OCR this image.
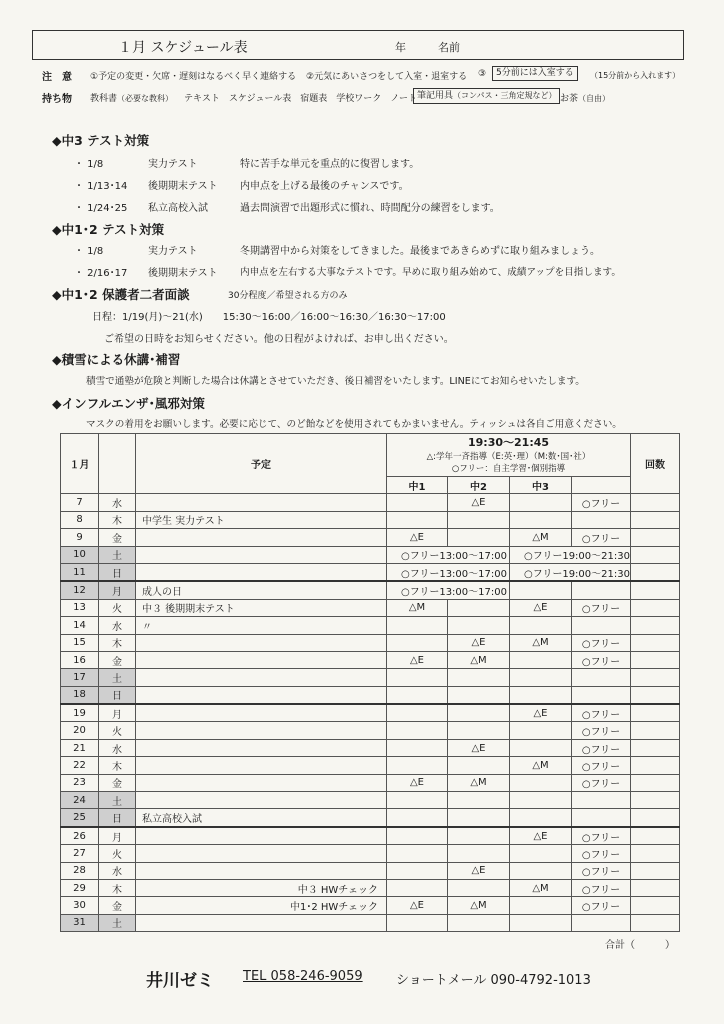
１月 スケジュール表	年	名前
注　意 ①予定の変更・欠席・遅刻はなるべく早く連絡する ②元気にあいさつをして入室・退室する ③	5分前には入室する	（15分前から入れます）
持ち物 教科書（必要な教科） テキスト　スケジュール表　宿題表　学校ワーク　ノート 筆記用具（コンパス・三角定規など） お茶（自由）
◆中3 テスト対策
・ 1/8	実力テスト	特に苦手な単元を重点的に復習します。
・ 1/13･14 後期期末テスト 内申点を上げる最後のチャンスです。
・ 1/24･25 私立高校入試	過去問演習で出題形式に慣れ、時間配分の練習をします。
◆中1･2 テスト対策
・ 1/8	実力テスト	冬期講習中から対策をしてきました。最後まであきらめずに取り組みましょう。
・ 2/16･17 後期期末テスト 内申点を左右する大事なテストです。早めに取り組み始めて、成績アップを目指します。
◆中1･2 保護者二者面談	30分程度／希望される方のみ
日程：1/19(月)～21(水)　　15:30～16:00／16:00～16:30／16:30～17:00
ご希望の日時をお知らせください。他の日程がよければ、お申し出ください。
◆積雪による休講･補習
積雪で通塾が危険と判断した場合は休講とさせていただき、後日補習をいたします。LINEにてお知らせいたします。
◆インフルエンザ･風邪対策
マスクの着用をお願いします。必要に応じて、のど飴などを使用されてもかまいません。ティッシュは各自ご用意ください。
１月		予定	19:30～21:45				回数

			△:学年一斉指導（E:英･理）（M:数･国･社）
○フリー：自主学習･個別指導				

			中1	中2	中3		
7	水			△E		○フリー	
8	木	中学生 実力テスト					
9	金		△E		△M	○フリー	
10	土		○フリー13:00～17:00		○フリー19:00～21:30		
11	日		○フリー13:00～17:00		○フリー19:00～21:30		
12	月	成人の日	○フリー13:00～17:00				
13	火	中３ 後期期末テスト	△M		△E	○フリー	
14	水	〃					
15	木			△E	△M	○フリー	
16	金		△E	△M		○フリー	
17	土						
18	日						
19	月				△E	○フリー	
20	火					○フリー	
21	水			△E		○フリー	
22	木				△M	○フリー	
23	金		△E	△M		○フリー	
24	土						
25	日	私立高校入試					
26	月				△E	○フリー	
27	火					○フリー	
28	水			△E		○フリー	
29	木	中３ HWチェック			△M	○フリー	
30	金	中1･2 HWチェック	△E	△M		○フリー	
31	土						
合計（　　　）
井川ゼミ TEL 058-246-9059	ショートメール 090-4792-1013
